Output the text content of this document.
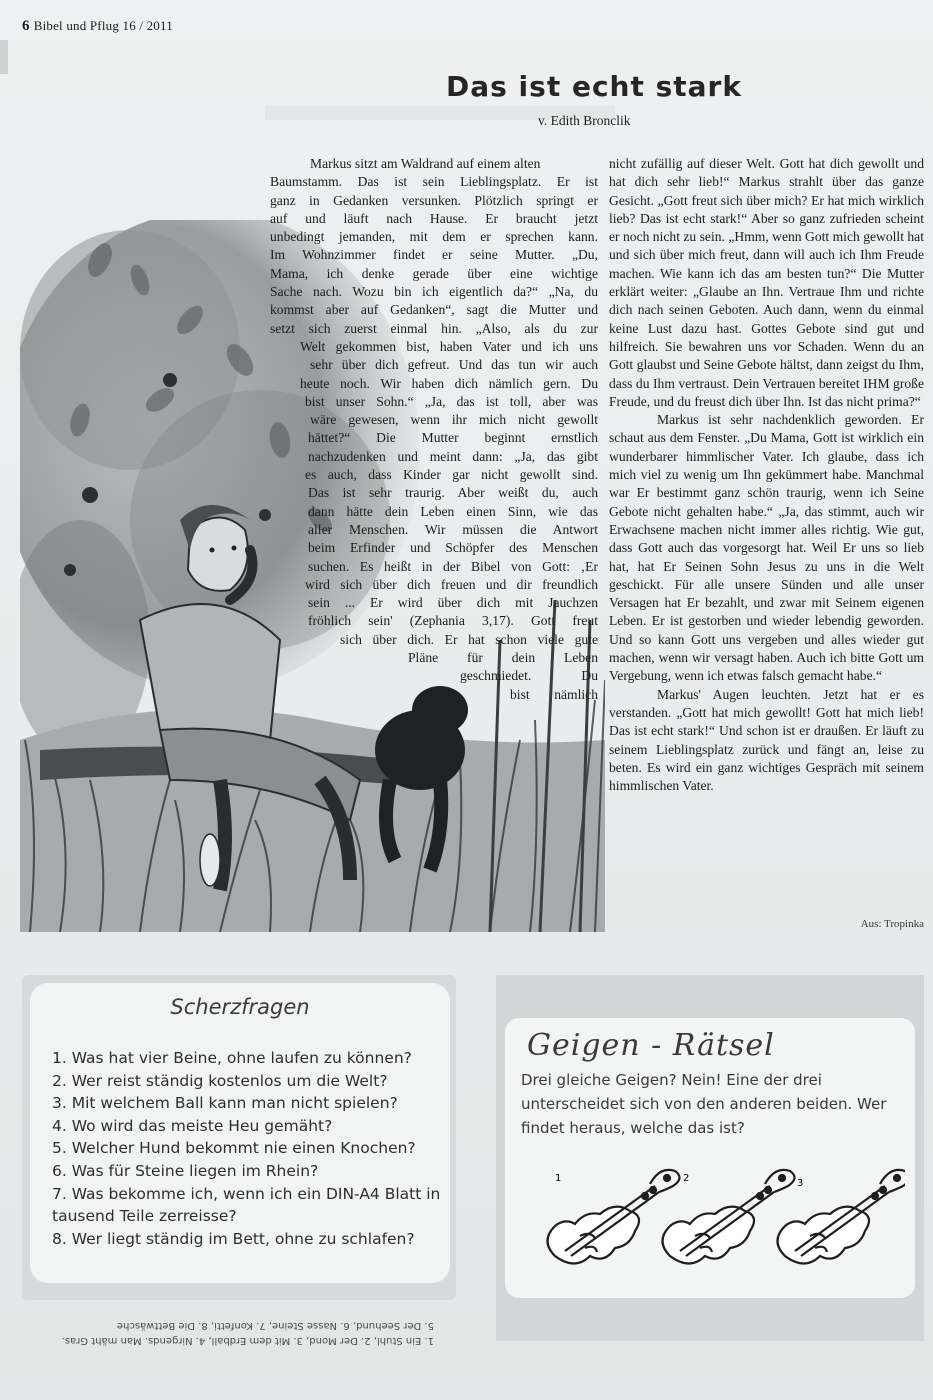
6 Bibel und Pflug 16 / 2011
Das ist echt stark
v. Edith Bronclik
Markus sitzt am Waldrand auf einem alten
Baumstamm. Das ist sein Lieblingsplatz. Er ist
ganz in Gedanken versunken. Plötzlich springt er
auf und läuft nach Hause. Er braucht jetzt
unbedingt jemanden, mit dem er sprechen kann.
Im Wohnzimmer findet er seine Mutter. „Du,
Mama, ich denke gerade über eine wichtige
Sache nach. Wozu bin ich eigentlich da?“ „Na, du
kommst aber auf Gedanken“, sagt die Mutter und
setzt sich zuerst einmal hin. „Also, als du zur
Welt gekommen bist, haben Vater und ich uns
sehr über dich gefreut. Und das tun wir auch
heute noch. Wir haben dich nämlich gern. Du
bist unser Sohn.“ „Ja, das ist toll, aber was
wäre gewesen, wenn ihr mich nicht gewollt
hättet?“ Die Mutter beginnt ernstlich
nachzudenken und meint dann: „Ja, das gibt
es auch, dass Kinder gar nicht gewollt sind.
Das ist sehr traurig. Aber weißt du, auch
dann hätte dein Leben einen Sinn, wie das
aller Menschen. Wir müssen die Antwort
beim Erfinder und Schöpfer des Menschen
suchen. Es heißt in der Bibel von Gott: ‚Er
wird sich über dich freuen und dir freundlich
sein ... Er wird über dich mit Jauchzen
fröhlich sein' (Zephania 3,17). Gott freut
sich über dich. Er hat schon viele gute
Pläne für dein Leben
geschmiedet. Du
bist nämlich

nicht zufällig auf dieser Welt. Gott hat dich gewollt und hat dich sehr lieb!“ Markus strahlt über das ganze Gesicht. „Gott freut sich über mich? Er hat mich wirklich lieb? Das ist echt stark!“ Aber so ganz zufrieden scheint er noch nicht zu sein. „Hmm, wenn Gott mich gewollt hat und sich über mich freut, dann will auch ich Ihm Freude machen. Wie kann ich das am besten tun?“ Die Mutter erklärt weiter: „Glaube an Ihn. Vertraue Ihm und richte dich nach seinen Geboten. Auch dann, wenn du einmal keine Lust dazu hast. Gottes Gebote sind gut und hilfreich. Sie bewahren uns vor Schaden. Wenn du an Gott glaubst und Seine Gebote hältst, dann zeigst du Ihm, dass du Ihm vertraust. Dein Vertrauen bereitet IHM große Freude, und du freust dich über Ihn. Ist das nicht prima?“

Markus ist sehr nachdenklich geworden. Er schaut aus dem Fenster. „Du Mama, Gott ist wirklich ein wunderbarer himmlischer Vater. Ich glaube, dass ich mich viel zu wenig um Ihn gekümmert habe. Manchmal war Er bestimmt ganz schön traurig, wenn ich Seine Gebote nicht gehalten habe.“ „Ja, das stimmt, auch wir Erwachsene machen nicht immer alles richtig. Wie gut, dass Gott auch das vorgesorgt hat. Weil Er uns so lieb hat, hat Er Seinen Sohn Jesus zu uns in die Welt geschickt. Für alle unsere Sünden und alle unser Versagen hat Er bezahlt, und zwar mit Seinem eigenen Leben. Er ist gestorben und wieder lebendig geworden. Und so kann Gott uns vergeben und alles wieder gut machen, wenn wir versagt haben. Auch ich bitte Gott um Vergebung, wenn ich etwas falsch gemacht habe.“

Markus' Augen leuchten. Jetzt hat er es verstanden. „Gott hat mich gewollt! Gott hat mich lieb! Das ist echt stark!“ Und schon ist er draußen. Er läuft zu seinem Lieblingsplatz zurück und fängt an, leise zu beten. Es wird ein ganz wichtiges Gespräch mit seinem himmlischen Vater.

Aus: Tropinka
Scherzfragen
1. Was hat vier Beine, ohne laufen zu können?
2. Wer reist ständig kostenlos um die Welt?
3. Mit welchem Ball kann man nicht spielen?
4. Wo wird das meiste Heu gemäht?
5. Welcher Hund bekommt nie einen Knochen?
6. Was für Steine liegen im Rhein?
7. Was bekomme ich, wenn ich ein DIN-A4 Blatt in tausend Teile zerreisse?
8. Wer liegt ständig im Bett, ohne zu schlafen?
1. Ein Stuhl, 2. Der Mond, 3. Mit dem Erdball, 4. Nirgends. Man mäht Gras.
5. Der Seehund, 6. Nasse Steine, 7. Konfetti, 8. Die Bettwäsche
Geigen - Rätsel
Drei gleiche Geigen? Nein! Eine der drei unterscheidet sich von den anderen beiden. Wer findet heraus, welche das ist?
1	2	3
